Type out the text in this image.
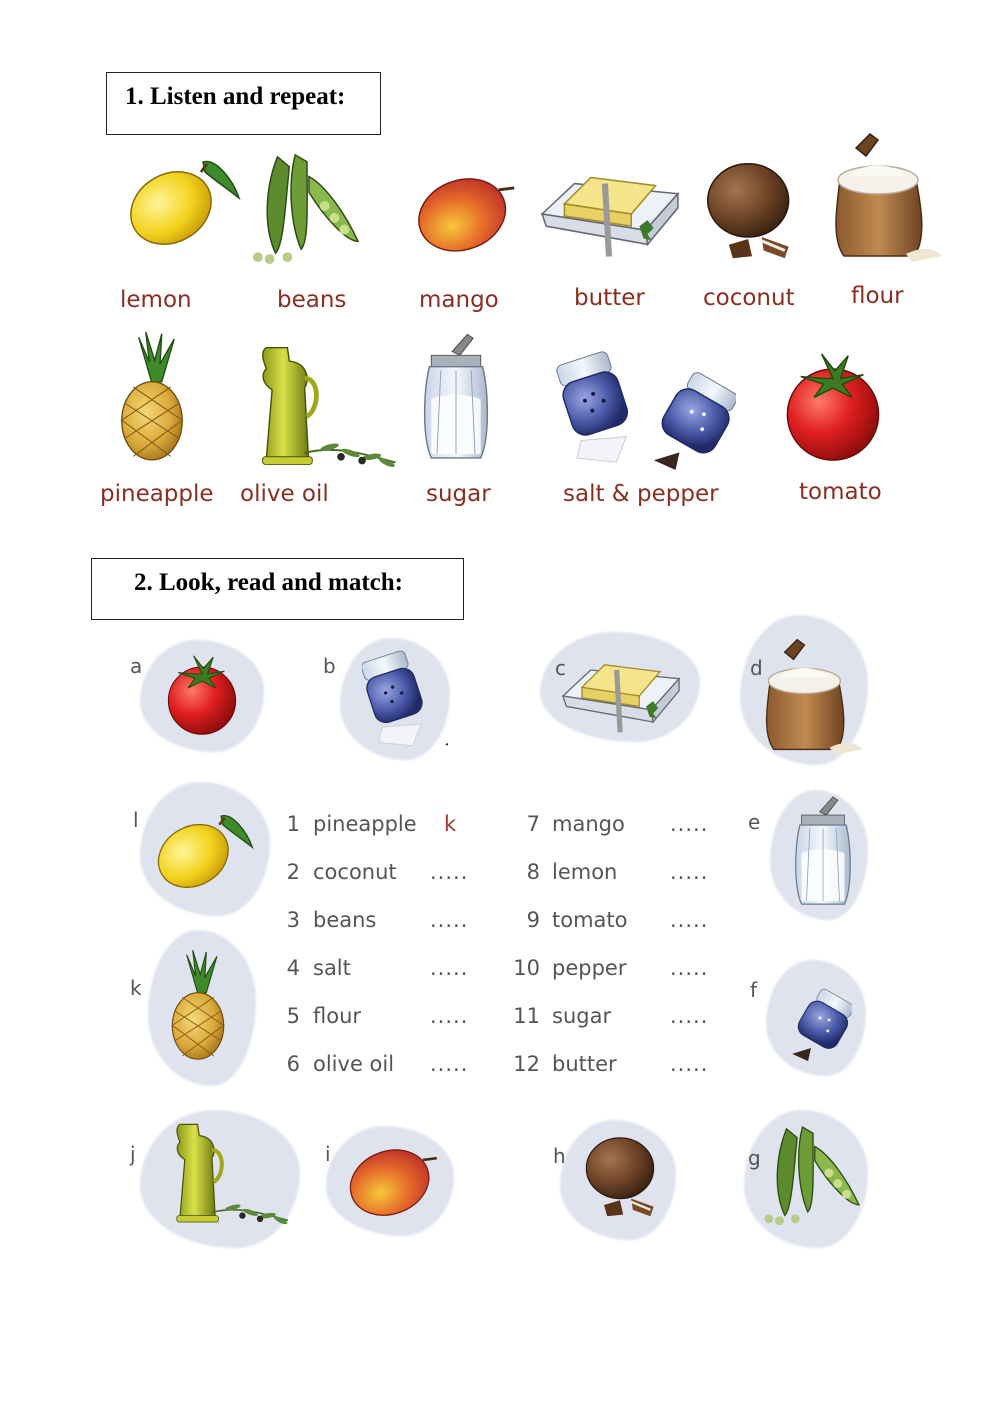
1. Listen and repeat:
lemon	beans	mango	butter	coconut flour
pineapple olive oil	sugar	salt & pepper	tomato
2. Look, read and match:
a	b	c	d
l	e
k	f
j	i	h	g
1 pineapple k
2 coconut .....
3 beans	.....
4 salt	.....
5 flour	.....
6 olive oil .....
7 mango .....
8 lemon	.....
9 tomato .....
10 pepper .....
11 sugar	.....
12 butter	.....
